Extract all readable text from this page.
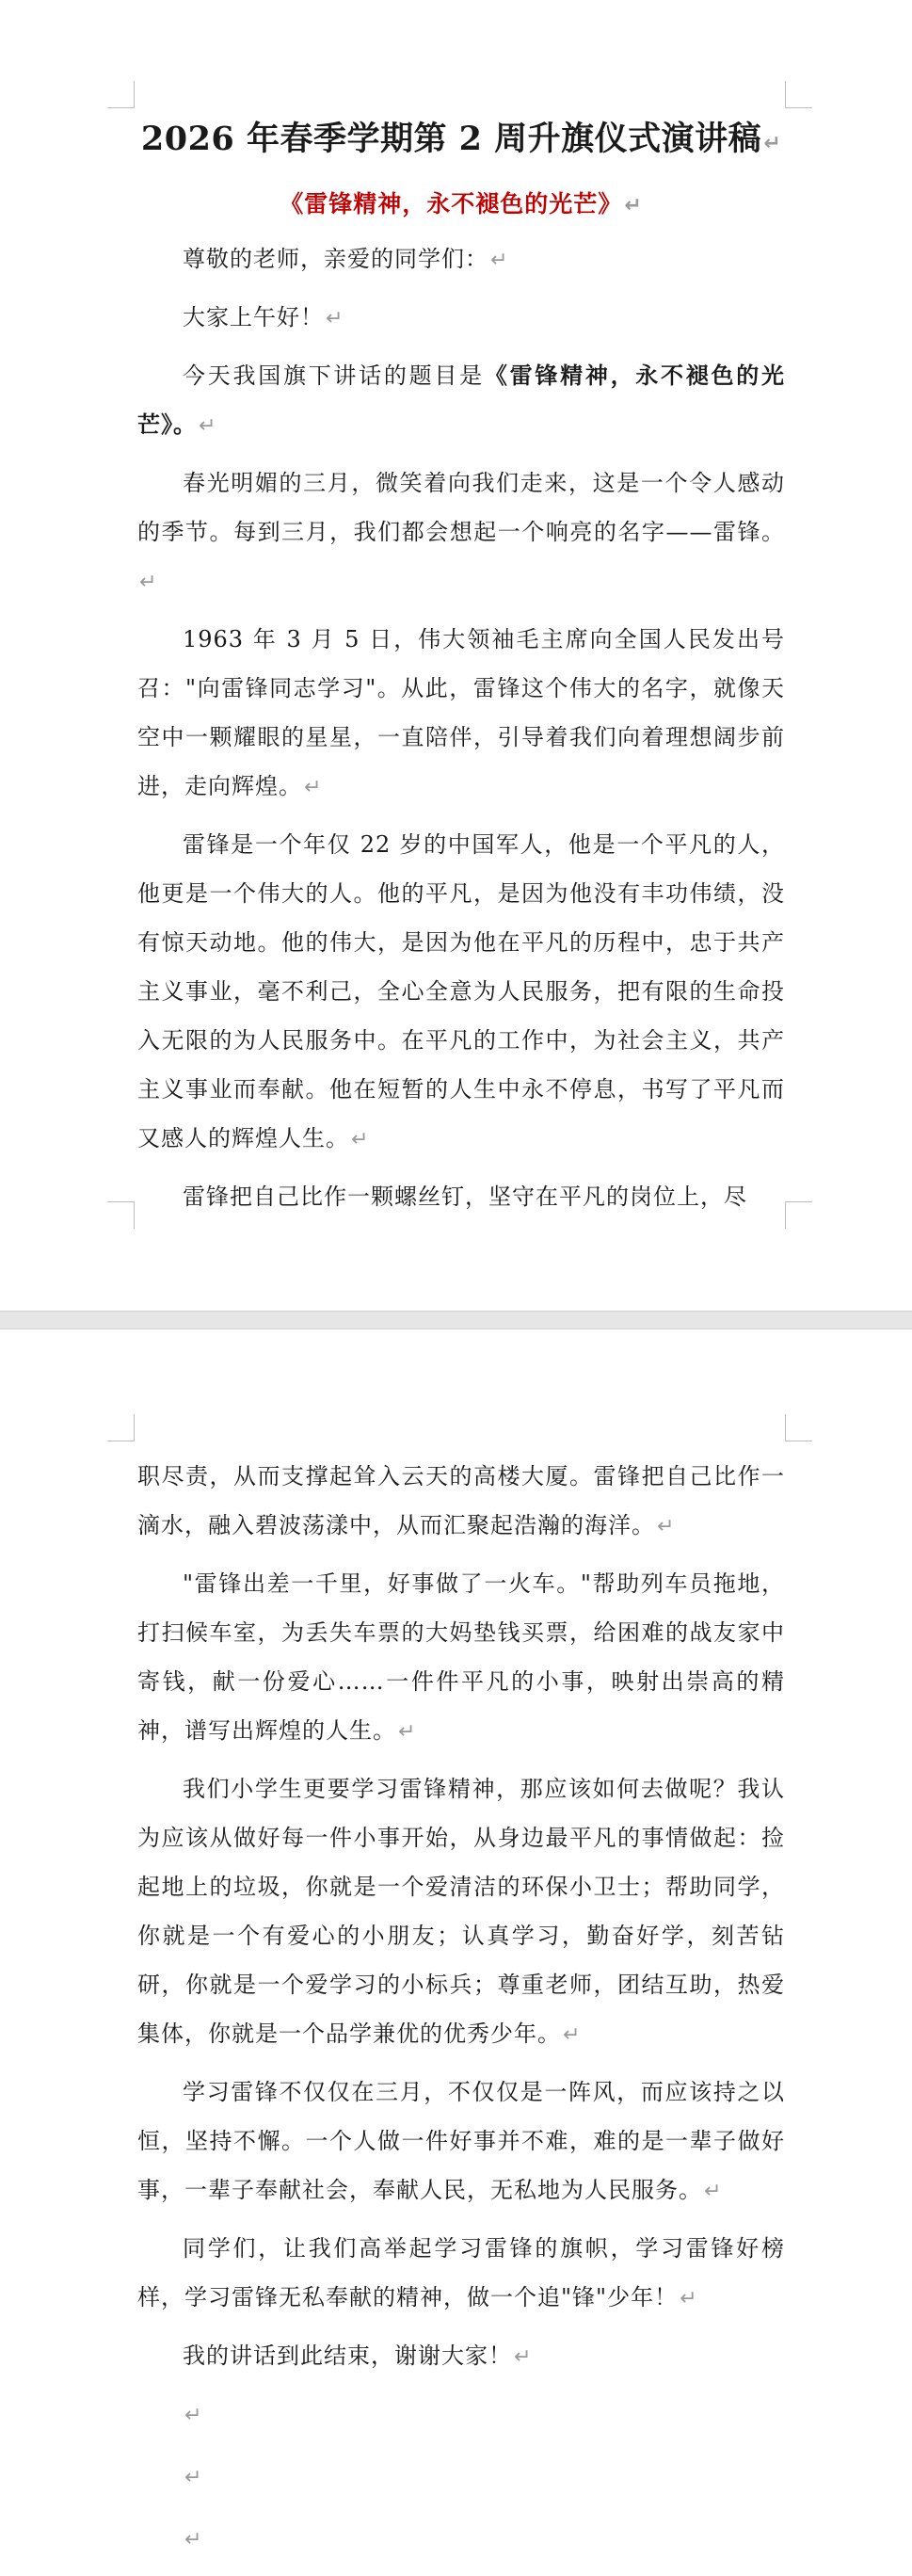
2026 年春季学期第 2 周升旗仪式演讲稿↵
《雷锋精神，永不褪色的光芒》↵

尊敬的老师，亲爱的同学们：↵

大家上午好！↵

今天我国旗下讲话的题目是《雷锋精神，永不褪色的光芒》。↵

春光明媚的三月，微笑着向我们走来，这是一个令人感动的季节。每到三月，我们都会想起一个响亮的名字——雷锋。↵

1963 年 3 月 5 日，伟大领袖毛主席向全国人民发出号召："向雷锋同志学习"。从此，雷锋这个伟大的名字，就像天空中一颗耀眼的星星，一直陪伴，引导着我们向着理想阔步前进，走向辉煌。↵

雷锋是一个年仅 22 岁的中国军人，他是一个平凡的人，他更是一个伟大的人。他的平凡，是因为他没有丰功伟绩，没有惊天动地。他的伟大，是因为他在平凡的历程中，忠于共产主义事业，毫不利己，全心全意为人民服务，把有限的生命投入无限的为人民服务中。在平凡的工作中，为社会主义，共产主义事业而奉献。他在短暂的人生中永不停息，书写了平凡而又感人的辉煌人生。↵

雷锋把自己比作一颗螺丝钉，坚守在平凡的岗位上，尽

职尽责，从而支撑起耸入云天的高楼大厦。雷锋把自己比作一滴水，融入碧波荡漾中，从而汇聚起浩瀚的海洋。↵

"雷锋出差一千里，好事做了一火车。"帮助列车员拖地，打扫候车室，为丢失车票的大妈垫钱买票，给困难的战友家中寄钱，献一份爱心……一件件平凡的小事，映射出崇高的精神，谱写出辉煌的人生。↵

我们小学生更要学习雷锋精神，那应该如何去做呢？我认为应该从做好每一件小事开始，从身边最平凡的事情做起：捡起地上的垃圾，你就是一个爱清洁的环保小卫士；帮助同学，你就是一个有爱心的小朋友；认真学习，勤奋好学，刻苦钻研，你就是一个爱学习的小标兵；尊重老师，团结互助，热爱集体，你就是一个品学兼优的优秀少年。↵

学习雷锋不仅仅在三月，不仅仅是一阵风，而应该持之以恒，坚持不懈。一个人做一件好事并不难，难的是一辈子做好事，一辈子奉献社会，奉献人民，无私地为人民服务。↵

同学们，让我们高举起学习雷锋的旗帜，学习雷锋好榜样，学习雷锋无私奉献的精神，做一个追"锋"少年！↵

我的讲话到此结束，谢谢大家！↵

↵

↵

↵
